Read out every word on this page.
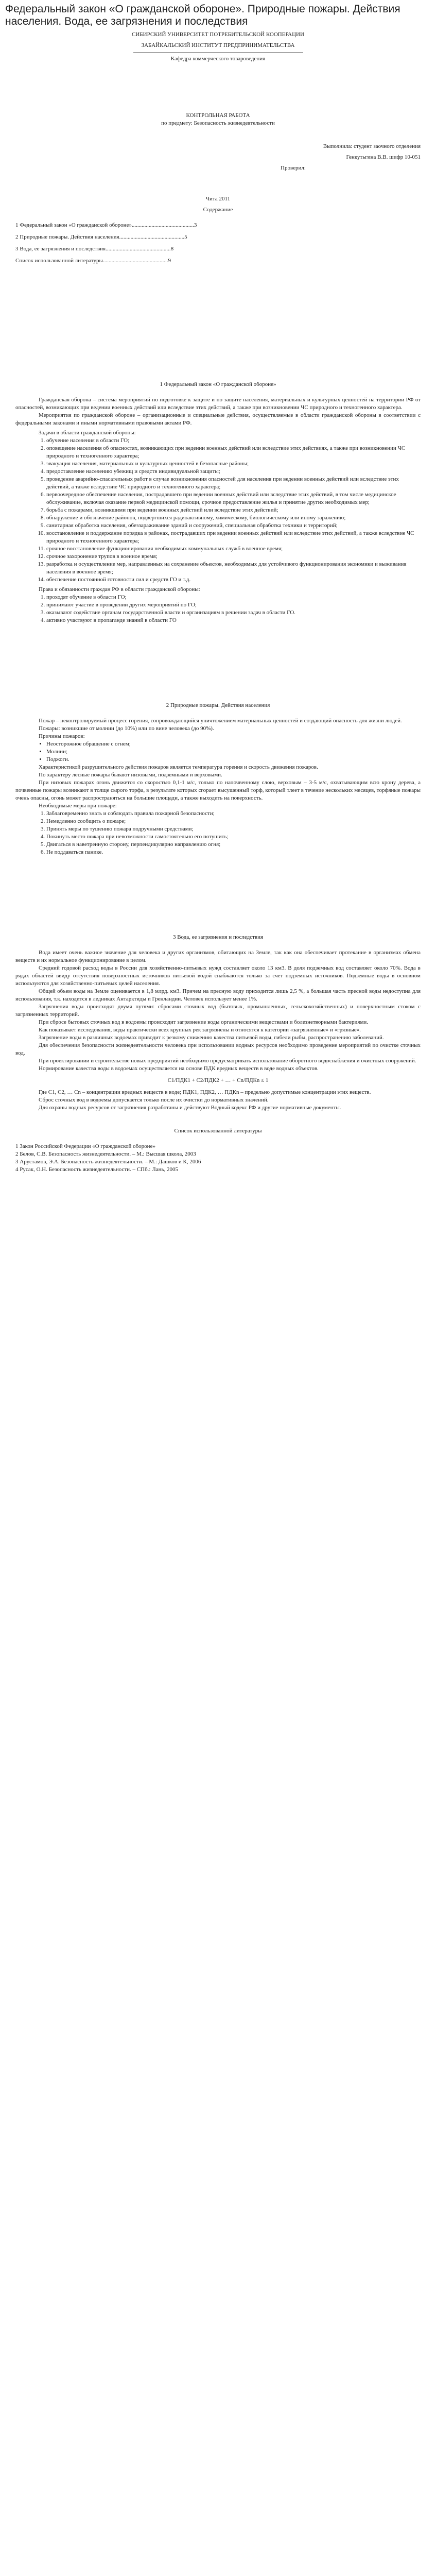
Федеральный закон «О гражданской обороне». Природные пожары. Действия населения. Вода, ее загрязнения и последствия

СИБИРСКИЙ УНИВЕРСИТЕТ ПОТРЕБИТЕЛЬСКОЙ КООПЕРАЦИИ

ЗАБАЙКАЛЬСКИЙ ИНСТИТУТ ПРЕДПРИНИМАТЕЛЬСТВА

Кафедра коммерческого товароведения

КОНТРОЛЬНАЯ РАБОТА

по предмету: Безопасность жизнедеятельности

Выполнила: студент заочного отделения

Генкутьгина В.В. шифр 10-051

Проверил:

Чита 2011

Содержание

1 Федеральный закон «О гражданской обороне»............................................3

2 Природные пожары. Действия населения..............................................5

3 Вода, ее загрязнения и последствия..............................................8

Список использованной литературы..............................................9

1 Федеральный закон «О гражданской обороне»

Гражданская оборона – система мероприятий по подготовке к защите и по защите населения, материальных и культурных ценностей на территории РФ от опасностей, возникающих при ведении военных действий или вследствие этих действий, а также при возникновении ЧС природного и техногенного характера.

Мероприятия по гражданской обороне – организационные и специальные действия, осуществляемые в области гражданской обороны в соответствии с федеральными законами и иными нормативными правовыми актами РФ.

Задачи в области гражданской обороны:

1. обучение населения в области ГО;
2. оповещение населения об опасностях, возникающих при ведении военных действий или вследствие этих действиях, а также при возникновении ЧС природного и техногенного характера;
3. эвакуация населения, материальных и культурных ценностей в безопасные районы;
4. предоставление населению убежищ и средств индивидуальной защиты;
5. проведение аварийно-спасательных работ в случае возникновения опасностей для населения при ведении военных действий или вследствие этих действий, а также вследствие ЧС природного и техногенного характера;
6. первоочередное обеспечение населения, пострадавшего при ведении военных действий или вследствие этих действий, в том числе медицинское обслуживание, включая оказание первой медицинской помощи, срочное предоставление жилья и принятие других необходимых мер;
7. борьба с пожарами, возникшими при ведении военных действий или вследствие этих действий;
8. обнаружение и обозначение районов, подвергшихся радиоактивному, химическому, биологическому или иному заражению;
9. санитарная обработка населения, обеззараживание зданий и сооружений, специальная обработка техники и территорий;
10. восстановление и поддержание порядка в районах, пострадавших при ведении военных действий или вследствие этих действий, а также вследствие ЧС природного и техногенного характера;
11. срочное восстановление функционирования необходимых коммунальных служб в военное время;
12. срочное захоронение трупов в военное время;
13. разработка и осуществление мер, направленных на сохранение объектов, необходимых для устойчивого функционирования экономики и выживания населения в военное время;
14. обеспечение постоянной готовности сил и средств ГО и т.д.

Права и обязанности граждан РФ в области гражданской обороны:

1. проходят обучение в области ГО;
2. принимают участие в проведении других мероприятий по ГО;
3. оказывают содействие органам государственной власти и организациям в решении задач в области ГО.
4. активно участвуют в пропаганде знаний в области ГО

2 Природные пожары. Действия населения

Пожар – неконтролируемый процесс горения, сопровождающийся уничтожением материальных ценностей и создающий опасность для жизни людей.

Пожары: возникшие от молнии (до 10%) или по вине человека (до 90%).

Причины пожаров:

• Неосторожное обращение с огнем;
• Молнии;
• Поджоги.

Характеристикой разрушительного действия пожаров является температура горения и скорость движения пожаров.

По характеру лесные пожары бывают низовыми, подземными и верховыми.

При низовых пожарах огонь движется со скоростью 0,1-1 м/с, только по напочвенному слою, верховым – 3-5 м/с, охватывающим всю крону дерева, а почвенные пожары возникают в толще сырого торфа, в результате которых сгорает высушенный торф, который тлеет в течение нескольких месяцев, торфяные пожары очень опасны, огонь может распространяться на большие площади, а также выходить на поверхность.

Необходимые меры при пожаре:

1. Заблаговременно знать и соблюдать правила пожарной безопасности;
2. Немедленно сообщить о пожаре;
3. Принять меры по тушению пожара подручными средствами;
4. Покинуть место пожара при невозможности самостоятельно его потушить;
5. Двигаться в наветренную сторону, перпендикулярно направлению огня;
6. Не поддаваться панике.

3 Вода, ее загрязнения и последствия

Вода имеет очень важное значение для человека и других организмов, обитающих на Земле, так как она обеспечивает протекание в организмах обмена веществ и их нормальное функционирование в целом.

Средний годовой расход воды в России для хозяйственно-питьевых нужд составляет около 13 км3. В доля подземных вод составляет около 70%. Вода в рядах областей ввиду отсутствия поверхностных источников питьевой водой снабжаются только за счет подземных источников. Подземные воды в основном используются для хозяйственно-питьевых целей населения.

Общей объем воды на Земле оценивается в 1,8 млрд. км3. Причем на пресную воду приходится лишь 2,5 %, а большая часть пресной воды недоступна для использования, т.к. находится в ледниках Антарктиды и Гренландии. Человек использует менее 1%.

Загрязнения воды происходят двумя путями: сбросами сточных вод (бытовых, промышленных, сельскохозяйственных) и поверхностным стоком с загрязненных территорий.

При сбросе бытовых сточных вод в водоемы происходит загрязнение воды органическими веществами и болезнетворными бактериями.

Как показывает исследования, воды практически всех крупных рек загрязнены и относятся к категории «загрязненные» и «грязные».

Загрязнение воды в различных водоемах приводит к резкому снижению качества питьевой воды, гибели рыбы, распространению заболеваний.

Для обеспечения безопасности жизнедеятельности человека при использовании водных ресурсов необходимо проведение мероприятий по очистке сточных вод.

При проектировании и строительстве новых предприятий необходимо предусматривать использование оборотного водоснабжения и очистных сооружений.

Нормирование качества воды в водоемах осуществляется на основе ПДК вредных веществ в воде водных объектов.

C1/ПДК1 + C2/ПДК2 + … + Cn/ПДКn ≤ 1

Где С1, С2, … Сn – концентрации вредных веществ в воде; ПДК1, ПДК2, … ПДКn – предельно допустимые концентрации этих веществ.

Сброс сточных вод в водоемы допускается только после их очистки до нормативных значений.

Для охраны водных ресурсов от загрязнения разработаны и действуют Водный кодекс РФ и другие нормативные документы.

Список использованной литературы

1 Закон Российской Федерации «О гражданской обороне»

2 Белов, С.В. Безопасность жизнедеятельности. – М.: Высшая школа, 2003

3 Арустамов, Э.А. Безопасность жизнедеятельности. – М.: Дашков и К, 2006

4 Русак, О.Н. Безопасность жизнедеятельности. – СПб.: Лань, 2005
